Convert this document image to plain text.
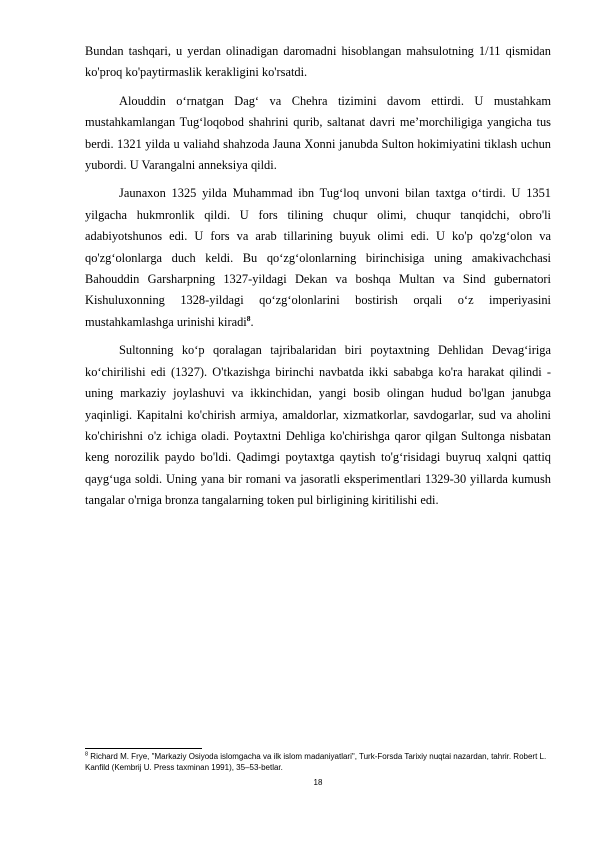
Bundan tashqari, u yerdan olinadigan daromadni hisoblangan mahsulotning 1/11 qismidan ko'proq ko'paytirmaslik kerakligini ko'rsatdi.

Alouddin o‘rnatgan Dag‘ va Chehra tizimini davom ettirdi. U mustahkam mustahkamlangan Tug‘loqobod shahrini qurib, saltanat davri me’morchiligiga yangicha tus berdi. 1321 yilda u valiahd shahzoda Jauna Xonni janubda Sulton hokimiyatini tiklash uchun yubordi. U Varangalni anneksiya qildi.

Jaunaxon 1325 yilda Muhammad ibn Tug‘loq unvoni bilan taxtga o‘tirdi. U 1351 yilgacha hukmronlik qildi. U fors tilining chuqur olimi, chuqur tanqidchi, obro'li adabiyotshunos edi. U fors va arab tillarining buyuk olimi edi. U ko'p qo'zg‘olon va qo'zg‘olonlarga duch keldi. Bu qo‘zg‘olonlarning birinchisiga uning amakivachchasi Bahouddin Garsharpning 1327-yildagi Dekan va boshqa Multan va Sind gubernatori Kishuluxonning 1328-yildagi qo‘zg‘olonlarini bostirish orqali o‘z imperiyasini mustahkamlashga urinishi kiradi$^8$.

Sultonning ko‘p qoralagan tajribalaridan biri poytaxtning Dehlidan Devag‘iriga ko‘chirilishi edi (1327). O'tkazishga birinchi navbatda ikki sababga ko'ra harakat qilindi - uning markaziy joylashuvi va ikkinchidan, yangi bosib olingan hudud bo'lgan janubga yaqinligi. Kapitalni ko'chirish armiya, amaldorlar, xizmatkorlar, savdogarlar, sud va aholini ko'chirishni o'z ichiga oladi. Poytaxtni Dehliga ko'chirishga qaror qilgan Sultonga nisbatan keng norozilik paydo bo'ldi. Qadimgi poytaxtga qaytish to'g‘risidagi buyruq xalqni qattiq qayg‘uga soldi. Uning yana bir romani va jasoratli eksperimentlari 1329-30 yillarda kumush tangalar o'rniga bronza tangalarning token pul birligining kiritilishi edi.

$^8$ Richard M. Frye, "Markaziy Osiyoda islomgacha va ilk islom madaniyatlari", Turk-Forsda Tarixiy nuqtai nazardan, tahrir. Robert L. Kanfild (Kembrij U. Press taxminan 1991), 35–53-betlar.
18
